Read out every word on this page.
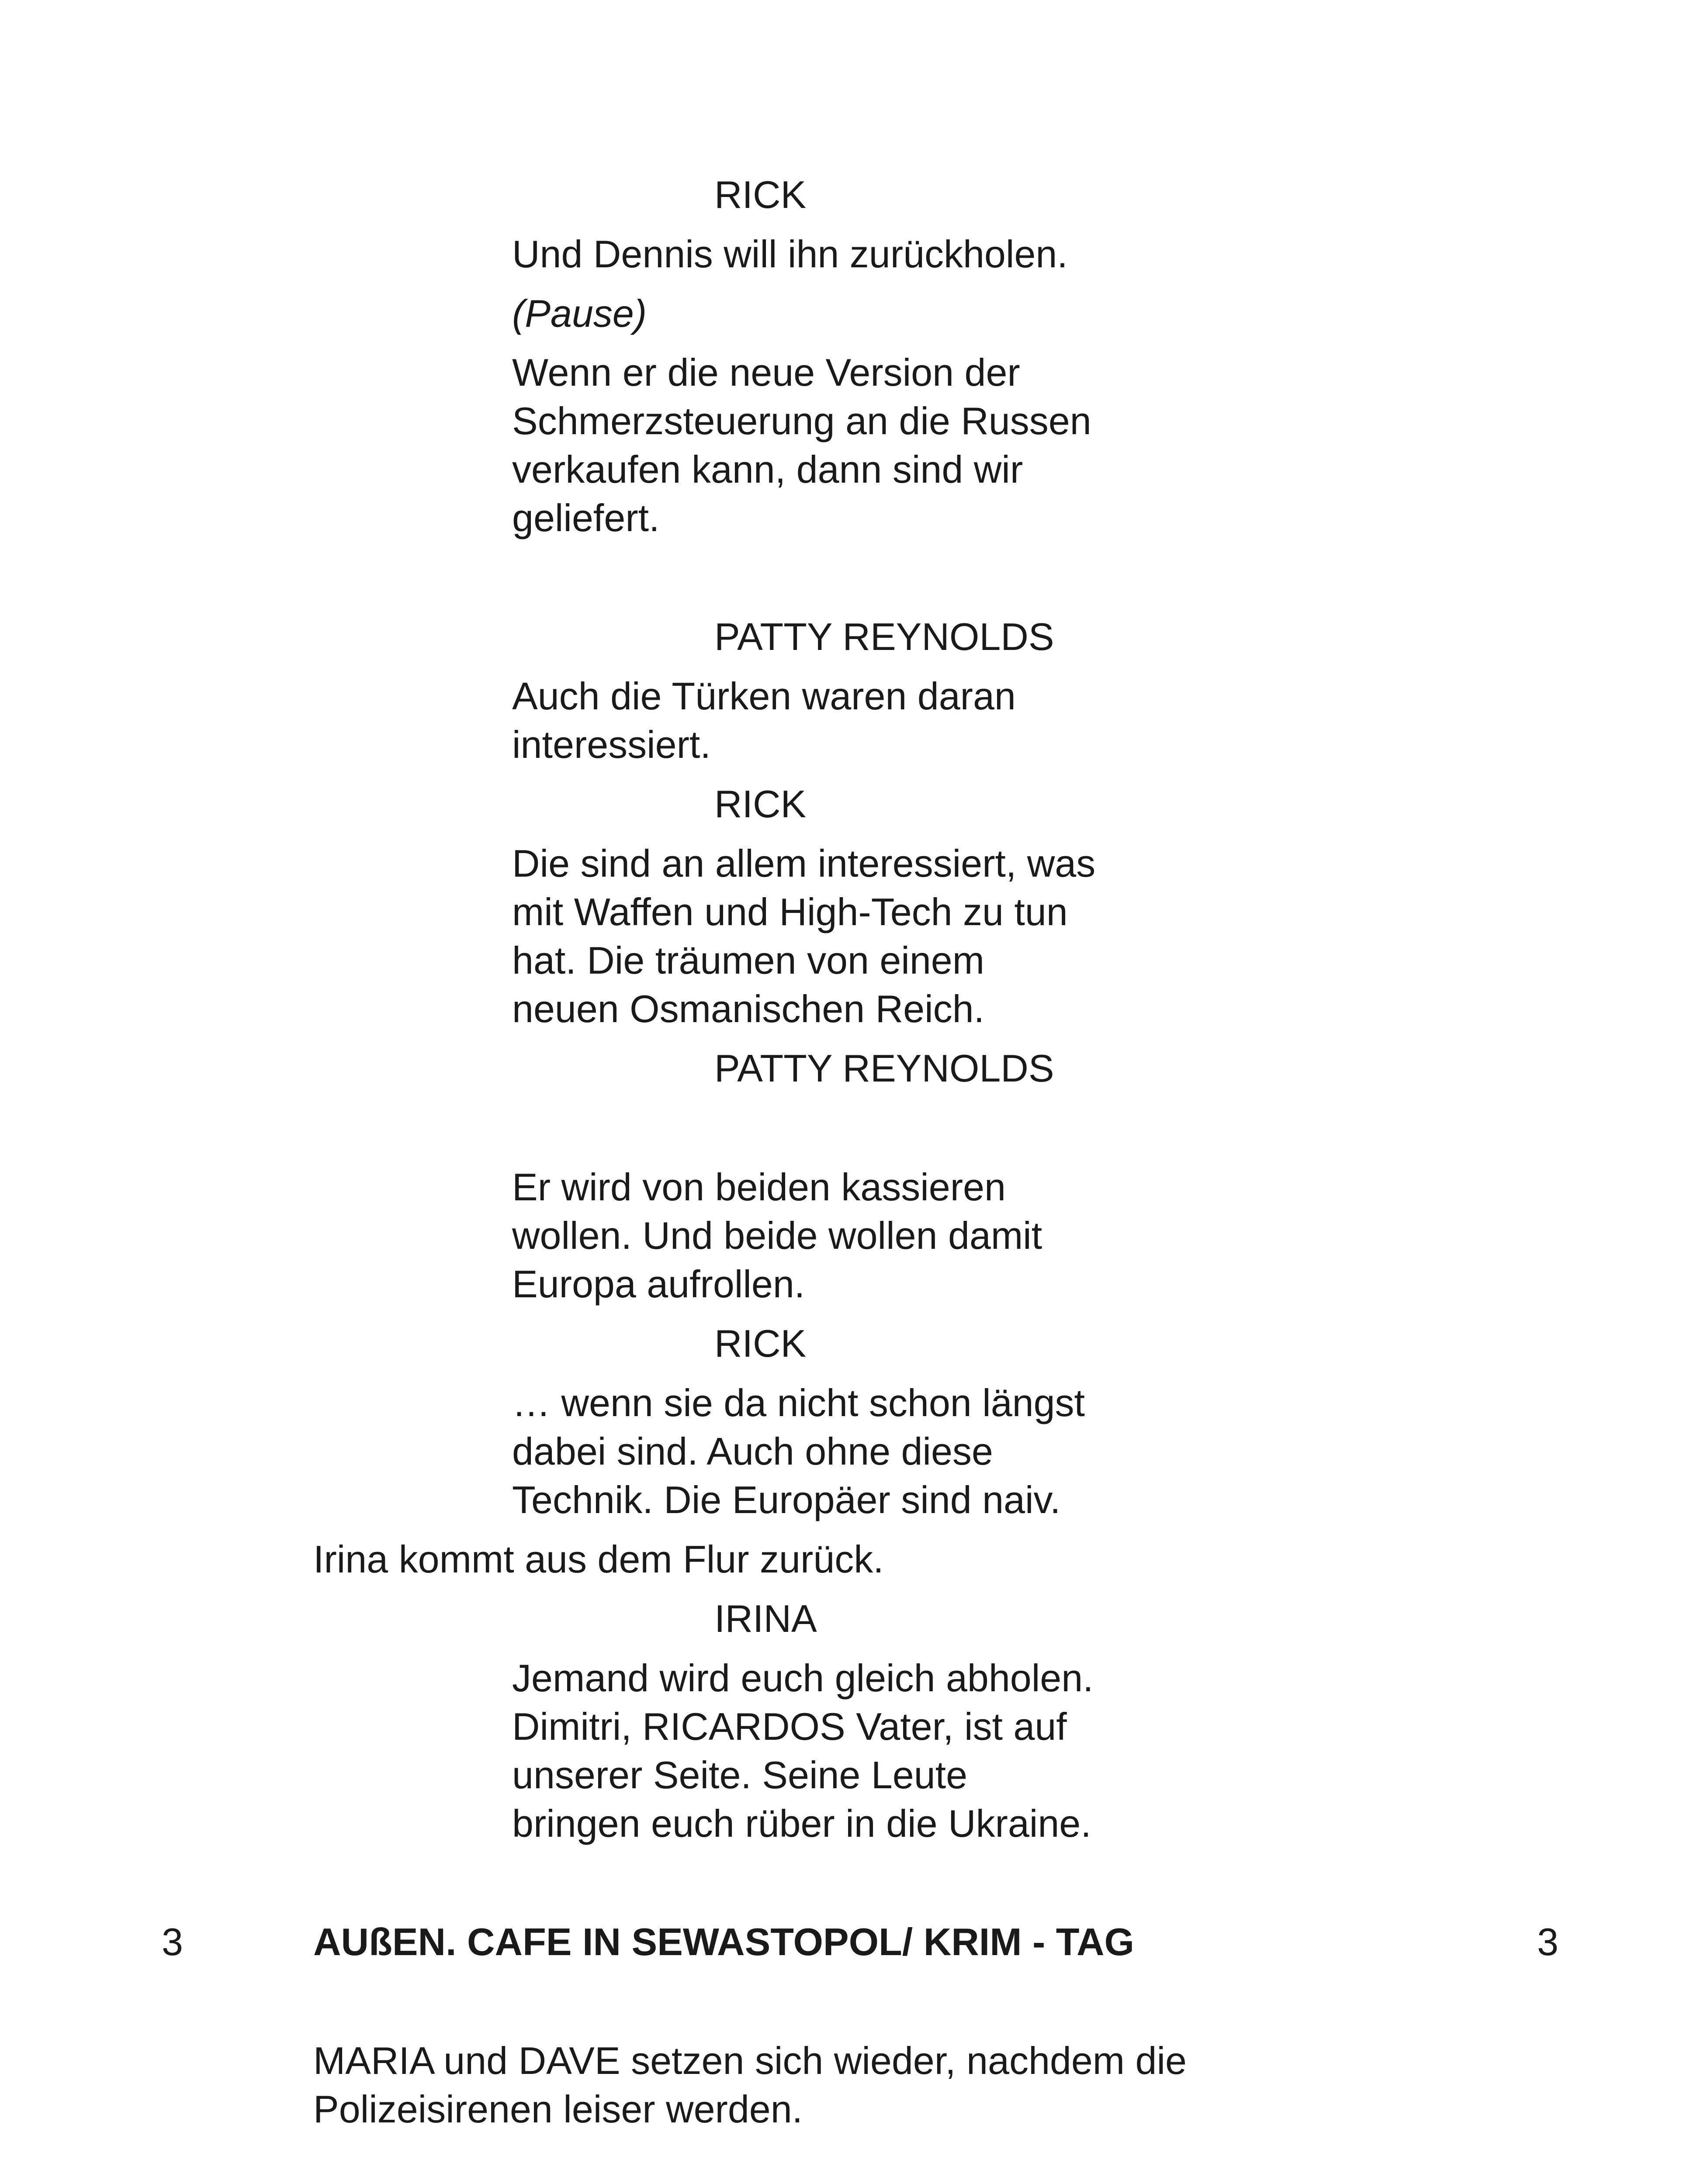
RICK

Und Dennis will ihn zurückholen.

(Pause)

Wenn er die neue Version der

Schmerzsteuerung an die Russen

verkaufen kann, dann sind wir

geliefert.

PATTY REYNOLDS

Auch die Türken waren daran

interessiert.

RICK

Die sind an allem interessiert, was

mit Waffen und High-Tech zu tun

hat. Die träumen von einem

neuen Osmanischen Reich.

PATTY REYNOLDS

Er wird von beiden kassieren

wollen. Und beide wollen damit

Europa aufrollen.

RICK

… wenn sie da nicht schon längst

dabei sind. Auch ohne diese

Technik. Die Europäer sind naiv.

Irina kommt aus dem Flur zurück.

IRINA

Jemand wird euch gleich abholen.

Dimitri, RICARDOS Vater, ist auf

unserer Seite. Seine Leute

bringen euch rüber in die Ukraine.

3	AUßEN. CAFE IN SEWASTOPOL/ KRIM - TAG	3

MARIA und DAVE setzen sich wieder, nachdem die

Polizeisirenen leiser werden.
